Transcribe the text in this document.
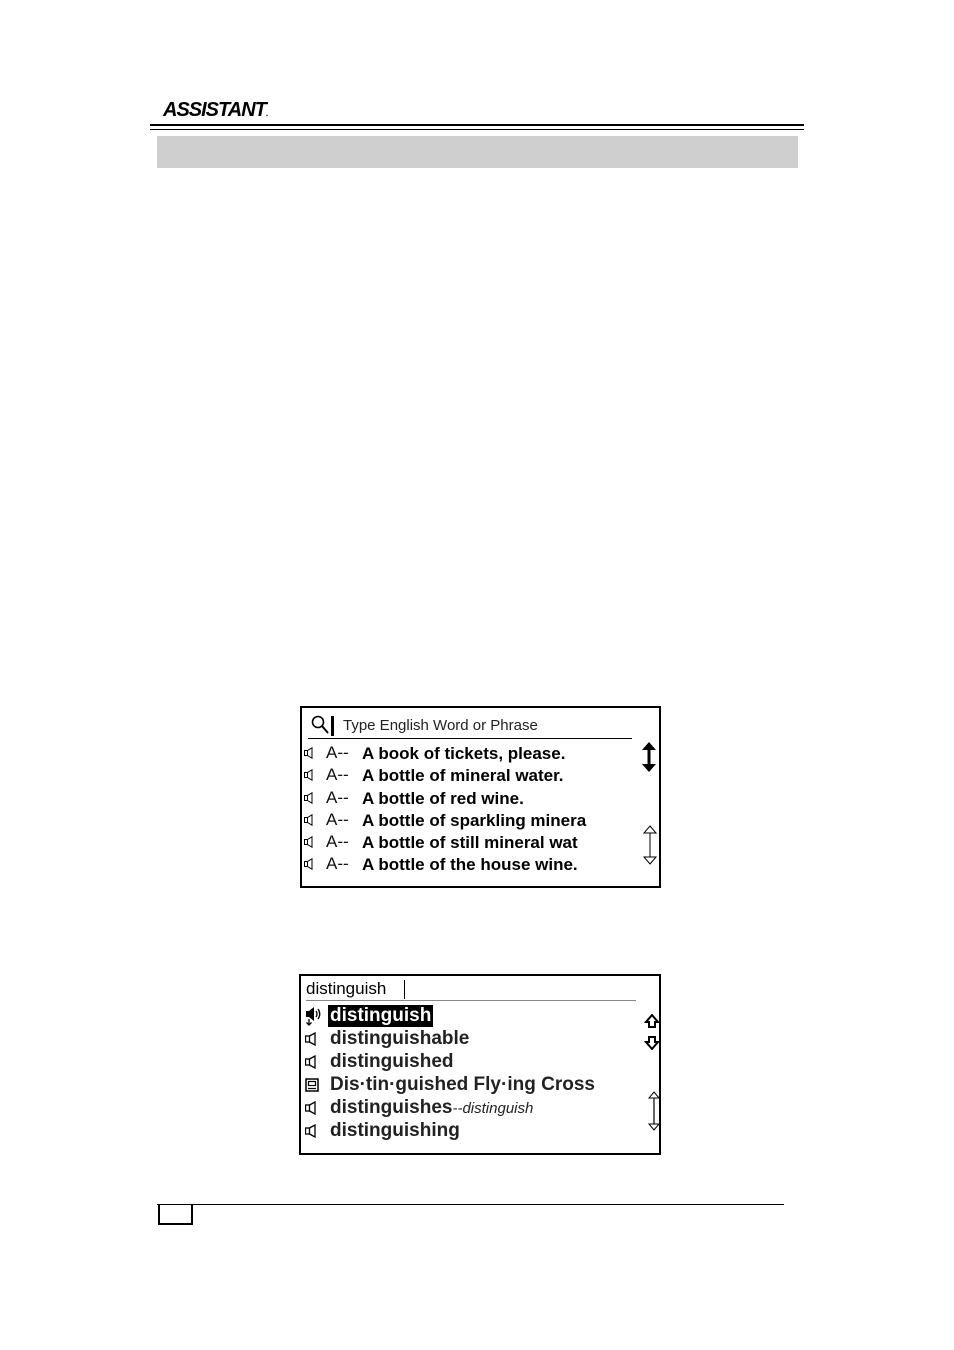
ASSISTANT.
Type English Word or Phrase
A-- A book of tickets, please.
A-- A bottle of mineral water.
A-- A bottle of red wine.
A-- A bottle of sparkling minera
A-- A bottle of still mineral wat
A-- A bottle of the house wine.
distinguish
distinguish
distinguishable
distinguished
Dis·tin·guished Fly·ing Cross
distinguishes--distinguish
distinguishing
